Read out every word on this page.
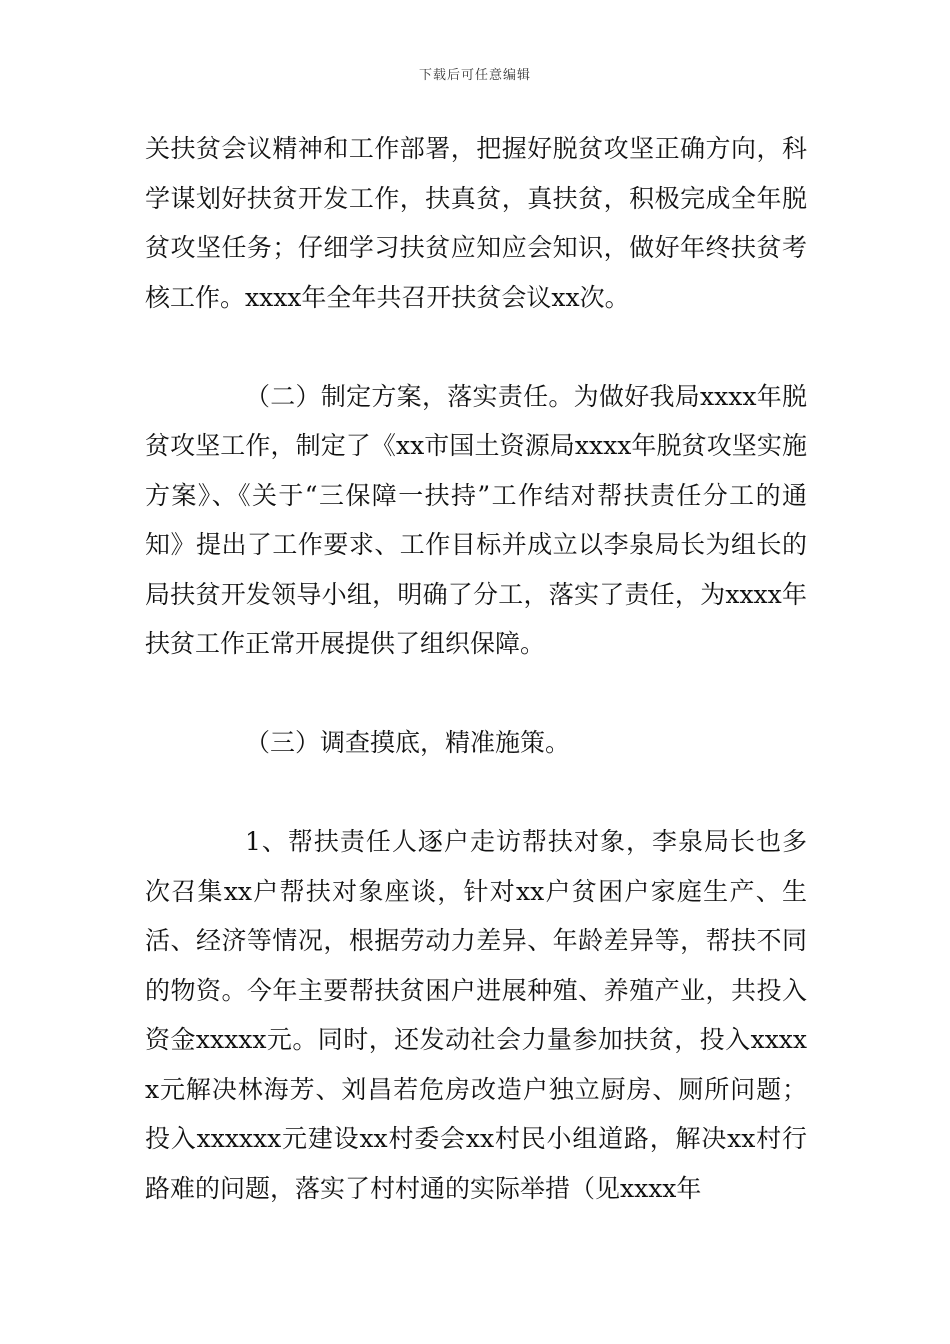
下载后可任意编辑

关扶贫会议精神和工作部署，把握好脱贫攻坚正确方向，科学谋划好扶贫开发工作，扶真贫，真扶贫，积极完成全年脱贫攻坚任务；仔细学习扶贫应知应会知识，做好年终扶贫考核工作。xxxx年全年共召开扶贫会议xx次。

（二）制定方案，落实责任。为做好我局xxxx年脱贫攻坚工作，制定了《xx市国土资源局xxxx年脱贫攻坚实施方案》、《关于“三保障一扶持”工作结对帮扶责任分工的通知》提出了工作要求、工作目标并成立以李泉局长为组长的局扶贫开发领导小组，明确了分工，落实了责任，为xxxx年扶贫工作正常开展提供了组织保障。

（三）调查摸底，精准施策。

1、帮扶责任人逐户走访帮扶对象，李泉局长也多次召集xx户帮扶对象座谈，针对xx户贫困户家庭生产、生活、经济等情况，根据劳动力差异、年龄差异等，帮扶不同的物资。今年主要帮扶贫困户进展种殖、养殖产业，共投入资金xxxxx元。同时，还发动社会力量参加扶贫，投入xxxxx元解决林海芳、刘昌若危房改造户独立厨房、厕所问题；投入xxxxxx元建设xx村委会xx村民小组道路，解决xx村行路难的问题，落实了村村通的实际举措（见xxxx年
